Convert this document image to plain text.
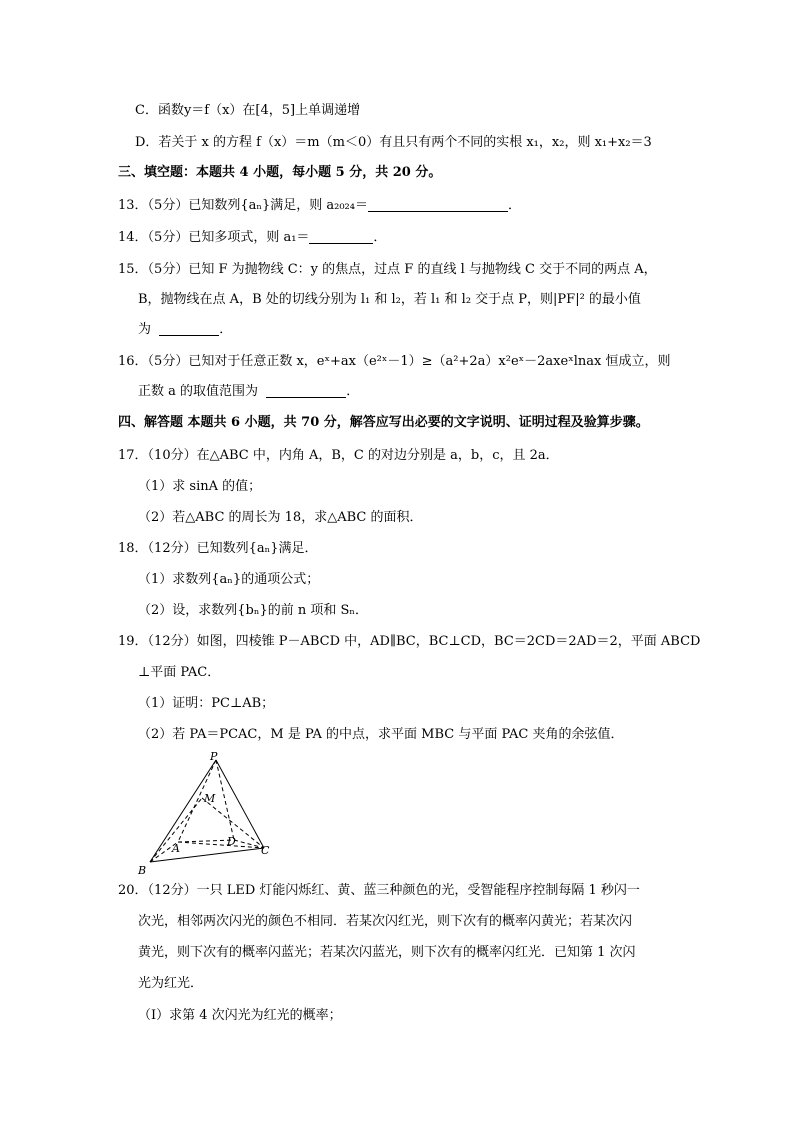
C．函数y＝f（x）在[4，5]上单调递增
D．若关于 x 的方程 f（x）＝m（m＜0）有且只有两个不同的实根 x₁，x₂，则 x₁+x₂＝3
三、填空题：本题共 4 小题，每小题 5 分，共 20 分。
13．（5分）已知数列{aₙ}满足，则 a₂₀₂₄＝	．
14．（5分）已知多项式，则 a₁＝	．
15．（5分）已知 F 为抛物线 C：y 的焦点，过点 F 的直线 l 与抛物线 C 交于不同的两点 A，
B，抛物线在点 A，B 处的切线分别为 l₁ 和 l₂，若 l₁ 和 l₂ 交于点 P，则|PF|² 的最小值
为	．
16．（5分）已知对于任意正数 x，eˣ+ax（e²ˣ－1）≥（a²+2a）x²eˣ－2axeˣlnax 恒成立，则
正数 a 的取值范围为	．
四、解答题 本题共 6 小题，共 70 分，解答应写出必要的文字说明、证明过程及验算步骤。
17．（10分）在△ABC 中，内角 A，B，C 的对边分别是 a，b，c，且 2a．
（1）求 sinA 的值；
（2）若△ABC 的周长为 18，求△ABC 的面积．
18．（12分）已知数列{aₙ}满足．
（1）求数列{aₙ}的通项公式；
（2）设，求数列{bₙ}的前 n 项和 Sₙ．
19．（12分）如图，四棱锥 P－ABCD 中，AD∥BC，BC⊥CD，BC＝2CD＝2AD＝2，平面 ABCD
⊥平面 PAC．
（1）证明：PC⊥AB；
（2）若 PA＝PCAC，M 是 PA 的中点，求平面 MBC 与平面 PAC 夹角的余弦值．
P
M
A
D
C
B
20．（12分）一只 LED 灯能闪烁红、黄、蓝三种颜色的光，受智能程序控制每隔 1 秒闪一
次光，相邻两次闪光的颜色不相同．若某次闪红光，则下次有的概率闪黄光；若某次闪
黄光，则下次有的概率闪蓝光；若某次闪蓝光，则下次有的概率闪红光．已知第 1 次闪
光为红光．
（Ⅰ）求第 4 次闪光为红光的概率；
